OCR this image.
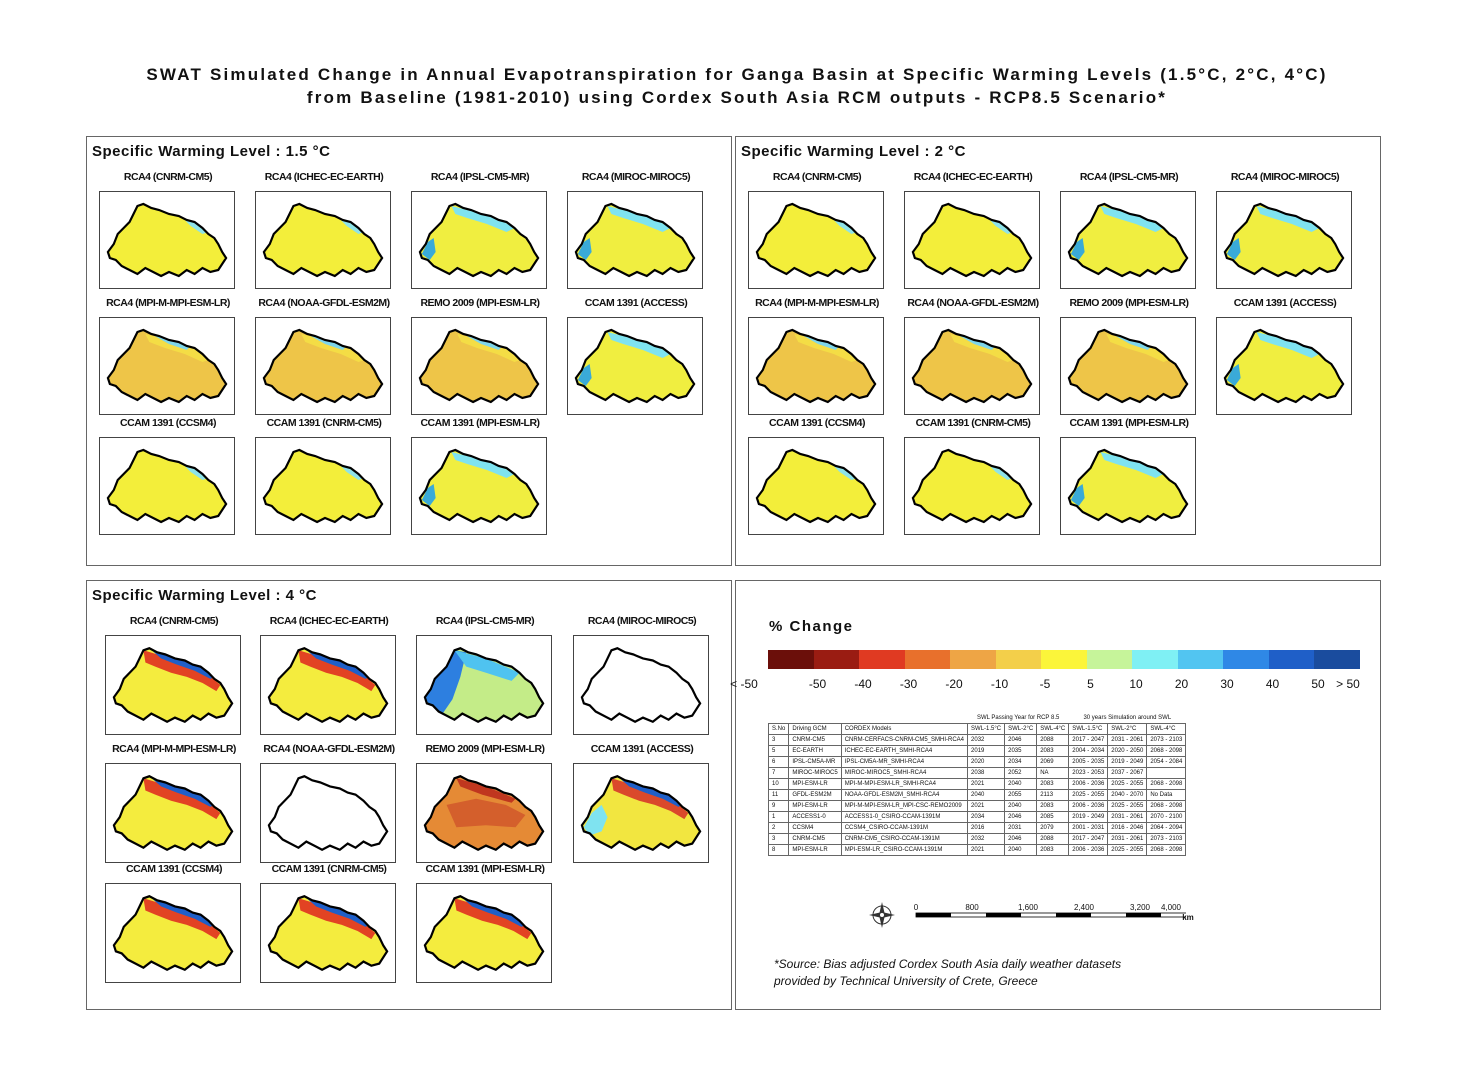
SWAT Simulated Change in Annual Evapotranspiration for Ganga Basin at Specific Warming Levels (1.5°C, 2°C, 4°C)
from Baseline (1981-2010) using Cordex South Asia RCM outputs - RCP8.5 Scenario*
Specific Warming Level : 1.5 °C
RCA4 (CNRM-CM5)	RCA4 (ICHEC-EC-EARTH)	RCA4 (IPSL-CM5-MR)	RCA4 (MIROC-MIROC5)
RCA4 (MPI-M-MPI-ESM-LR)	RCA4 (NOAA-GFDL-ESM2M)	REMO 2009 (MPI-ESM-LR)	CCAM 1391 (ACCESS)
CCAM 1391 (CCSM4)	CCAM 1391 (CNRM-CM5)	CCAM 1391 (MPI-ESM-LR)
Specific Warming Level : 2 °C
RCA4 (CNRM-CM5)	RCA4 (ICHEC-EC-EARTH)	RCA4 (IPSL-CM5-MR)	RCA4 (MIROC-MIROC5)
RCA4 (MPI-M-MPI-ESM-LR)	RCA4 (NOAA-GFDL-ESM2M)	REMO 2009 (MPI-ESM-LR)	CCAM 1391 (ACCESS)
CCAM 1391 (CCSM4)	CCAM 1391 (CNRM-CM5)	CCAM 1391 (MPI-ESM-LR)
Specific Warming Level : 4 °C
RCA4 (CNRM-CM5)	RCA4 (ICHEC-EC-EARTH)	RCA4 (IPSL-CM5-MR)	RCA4 (MIROC-MIROC5)
RCA4 (MPI-M-MPI-ESM-LR)	RCA4 (NOAA-GFDL-ESM2M)	REMO 2009 (MPI-ESM-LR)	CCAM 1391 (ACCESS)
CCAM 1391 (CCSM4)	CCAM 1391 (CNRM-CM5)	CCAM 1391 (MPI-ESM-LR)
% Change
< -50	-50 -40 -30 -20 -10	-5	5	10	20	30	40	50 > 50
			SWL Passing Year for RCP 8.5			30 years Simulation around SWL		
S.No	Driving GCM	CORDEX Models	SWL-1.5°C	SWL-2°C	SWL-4°C	SWL-1.5°C	SWL-2°C	SWL-4°C
3	CNRM-CM5	CNRM-CERFACS-CNRM-CM5_SMHI-RCA4	2032	2046	2088	2017 - 2047	2031 - 2061	2073 - 2103
5	EC-EARTH	ICHEC-EC-EARTH_SMHI-RCA4	2019	2035	2083	2004 - 2034	2020 - 2050	2068 - 2098
6	IPSL-CM5A-MR	IPSL-CM5A-MR_SMHI-RCA4	2020	2034	2069	2005 - 2035	2019 - 2049	2054 - 2084
7	MIROC-MIROC5	MIROC-MIROC5_SMHI-RCA4	2038	2052	NA	2023 - 2053	2037 - 2067	
10	MPI-ESM-LR	MPI-M-MPI-ESM-LR_SMHI-RCA4	2021	2040	2083	2006 - 2036	2025 - 2055	2068 - 2098
11	GFDL-ESM2M	NOAA-GFDL-ESM2M_SMHI-RCA4	2040	2055	2113	2025 - 2055	2040 - 2070	No Data
9	MPI-ESM-LR	MPI-M-MPI-ESM-LR_MPI-CSC-REMO2009	2021	2040	2083	2006 - 2036	2025 - 2055	2068 - 2098
1	ACCESS1-0	ACCESS1-0_CSIRO-CCAM-1391M	2034	2046	2085	2019 - 2049	2031 - 2061	2070 - 2100
2	CCSM4	CCSM4_CSIRO-CCAM-1391M	2016	2031	2079	2001 - 2031	2016 - 2046	2064 - 2094
3	CNRM-CM5	CNRM-CM5_CSIRO-CCAM-1391M	2032	2046	2088	2017 - 2047	2031 - 2061	2073 - 2103
8	MPI-ESM-LR	MPI-ESM-LR_CSIRO-CCAM-1391M	2021	2040	2083	2006 - 2036	2025 - 2055	2068 - 2098
0	800	1,600	2,400	3,200 4,000
km
*Source: Bias adjusted Cordex South Asia daily weather datasets
provided by Technical University of Crete, Greece
